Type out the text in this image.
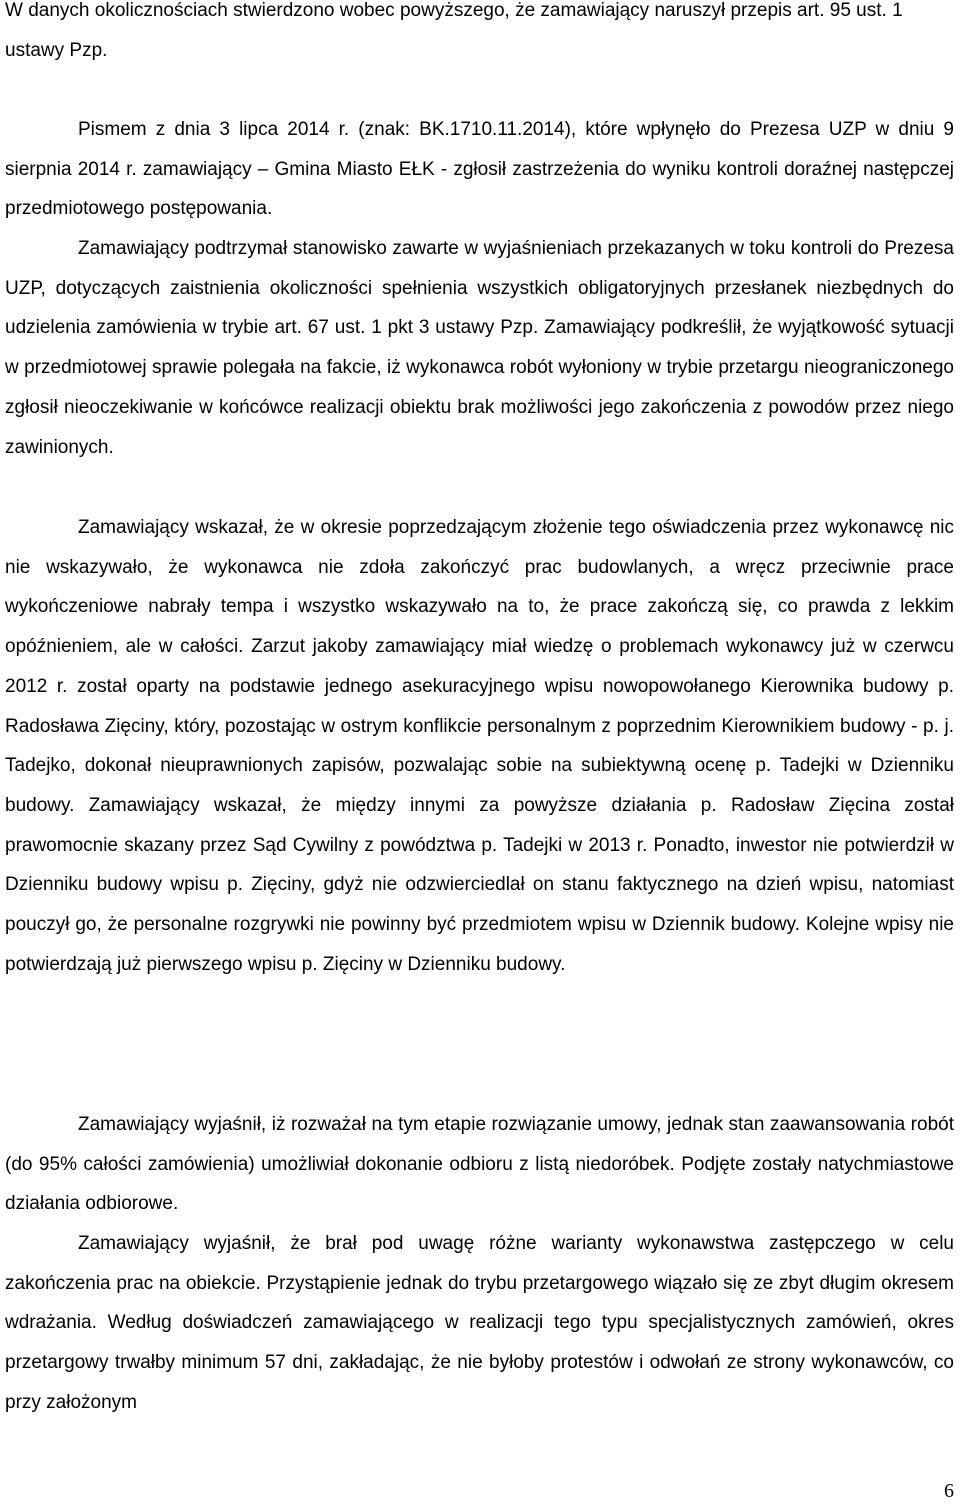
W danych okolicznościach stwierdzono wobec powyższego, że zamawiający naruszył przepis art. 95 ust. 1 ustawy Pzp.

Pismem z dnia 3 lipca 2014 r. (znak: BK.1710.11.2014), które wpłynęło do Prezesa UZP w dniu 9 sierpnia 2014 r. zamawiający – Gmina Miasto EŁK - zgłosił zastrzeżenia do wyniku kontroli doraźnej następczej przedmiotowego postępowania.

Zamawiający podtrzymał stanowisko zawarte w wyjaśnieniach przekazanych w toku kontroli do Prezesa UZP, dotyczących zaistnienia okoliczności spełnienia wszystkich obligatoryjnych przesłanek niezbędnych do udzielenia zamówienia w trybie art. 67 ust. 1 pkt 3 ustawy Pzp. Zamawiający podkreślił, że wyjątkowość sytuacji w przedmiotowej sprawie polegała na fakcie, iż wykonawca robót wyłoniony w trybie przetargu nieograniczonego zgłosił nieoczekiwanie w końcówce realizacji obiektu brak możliwości jego zakończenia z powodów przez niego zawinionych.

Zamawiający wskazał, że w okresie poprzedzającym złożenie tego oświadczenia przez wykonawcę nic nie wskazywało, że wykonawca nie zdoła zakończyć prac budowlanych, a wręcz przeciwnie prace wykończeniowe nabrały tempa i wszystko wskazywało na to, że prace zakończą się, co prawda z lekkim opóźnieniem, ale w całości. Zarzut jakoby zamawiający miał wiedzę o problemach wykonawcy już w czerwcu 2012 r. został oparty na podstawie jednego asekuracyjnego wpisu nowopowołanego Kierownika budowy p. Radosława Zięciny, który, pozostając w ostrym konflikcie personalnym z poprzednim Kierownikiem budowy - p. j. Tadejko, dokonał nieuprawnionych zapisów, pozwalając sobie na subiektywną ocenę p. Tadejki w Dzienniku budowy. Zamawiający wskazał, że między innymi za powyższe działania p. Radosław Zięcina został prawomocnie skazany przez Sąd Cywilny z powództwa p. Tadejki w 2013 r. Ponadto, inwestor nie potwierdził w Dzienniku budowy wpisu p. Zięciny, gdyż nie odzwierciedlał on stanu faktycznego na dzień wpisu, natomiast pouczył go, że personalne rozgrywki nie powinny być przedmiotem wpisu w Dziennik budowy. Kolejne wpisy nie potwierdzają już pierwszego wpisu p. Zięciny w Dzienniku budowy.

Zamawiający wyjaśnił, iż rozważał na tym etapie rozwiązanie umowy, jednak stan zaawansowania robót (do 95% całości zamówienia) umożliwiał dokonanie odbioru z listą niedoróbek. Podjęte zostały natychmiastowe działania odbiorowe.

Zamawiający wyjaśnił, że brał pod uwagę różne warianty wykonawstwa zastępczego w celu zakończenia prac na obiekcie. Przystąpienie jednak do trybu przetargowego wiązało się ze zbyt długim okresem wdrażania. Według doświadczeń zamawiającego w realizacji tego typu specjalistycznych zamówień, okres przetargowy trwałby minimum 57 dni, zakładając, że nie byłoby protestów i odwołań ze strony wykonawców, co przy założonym

6
